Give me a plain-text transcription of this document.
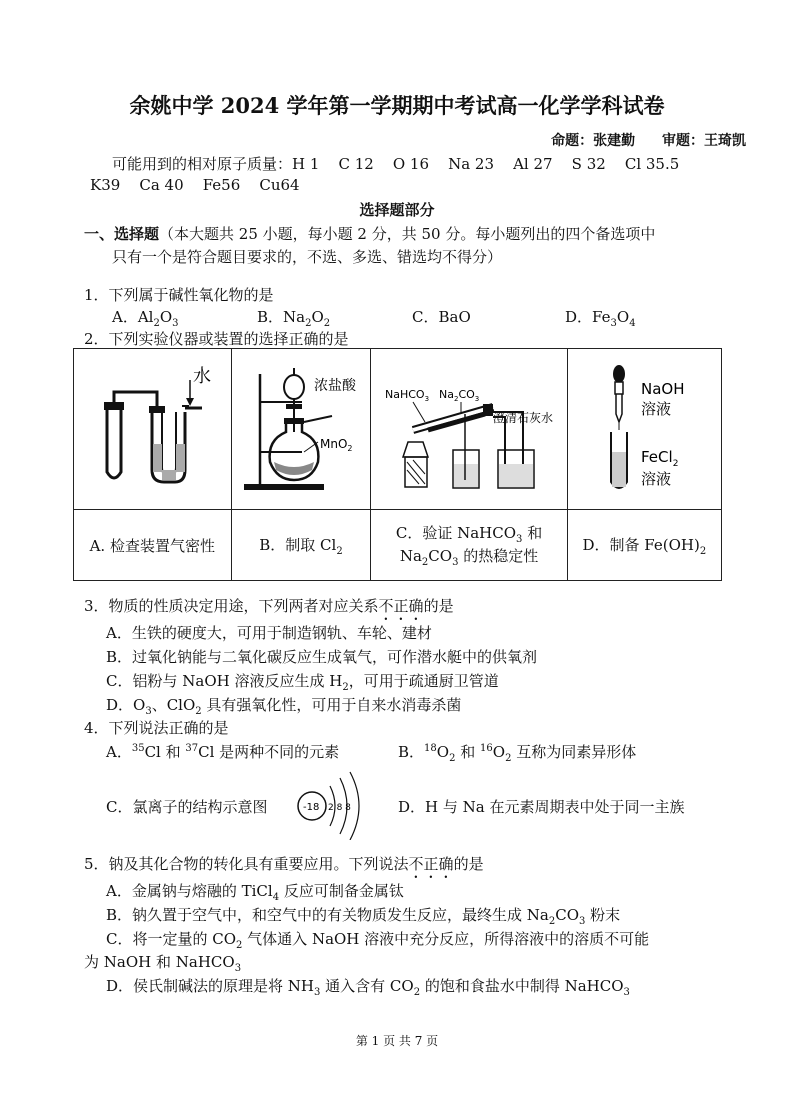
余姚中学 2024 学年第一学期期中考试高一化学学科试卷
命题：张建勤 审题：王琦凯
可能用到的相对原子质量：H 1    C 12    O 16    Na 23    Al 27    S 32    Cl 35.5
K39    Ca 40    Fe56    Cu64
选择题部分
一、选择题（本大题共 25 小题，每小题 2 分，共 50 分。每小题列出的四个备选项中
只有一个是符合题目要求的，不选、多选、错选均不得分）
1．下列属于碱性氧化物的是
A．$Al_2O_3$	B．$Na_2O_2$	C．BaO	D．$Fe_3O_4$
2．下列实验仪器或装置的选择正确的是
水	浓盐酸
MnO$_2$	NaHCO$_3$ $Na_2CO_3$
澄清石灰水	NaOH
溶液
FeCl$_2$
溶液

A. 检查装置气密性	B．制取 $Cl_2$	C．验证 NaHCO$_3$ 和
$Na_2CO_3$ 的热稳定性	D．制备 $Fe(OH)_2$
3．物质的性质决定用途，下列两者对应关系不正确的是
A．生铁的硬度大，可用于制造钢轨、车轮、建材
B．过氧化钠能与二氧化碳反应生成氧气，可作潜水艇中的供氧剂
C．铝粉与 NaOH 溶液反应生成 $H_2$，可用于疏通厨卫管道
D．$O_3$、ClO$_2$ 具有强氧化性，可用于自来水消毒杀菌
4．下列说法正确的是
A．$^{35}$Cl 和 $^{37}$Cl 是两种不同的元素	B．$^{18}O_2$ 和 $^{16}O_2$ 互称为同素异形体
C．氯离子的结构示意图	-18 2 8 8	D．H 与 Na 在元素周期表中处于同一主族
5．钠及其化合物的转化具有重要应用。下列说法不正确的是
A．金属钠与熔融的 TiCl$_4$ 反应可制备金属钛
B．钠久置于空气中，和空气中的有关物质发生反应，最终生成 $Na_2CO_3$ 粉末
C．将一定量的 $CO_2$ 气体通入 NaOH 溶液中充分反应，所得溶液中的溶质不可能
为 NaOH 和 NaHCO$_3$
D．侯氏制碱法的原理是将 $NH_3$ 通入含有 $CO_2$ 的饱和食盐水中制得 NaHCO$_3$
第 1 页 共 7 页
